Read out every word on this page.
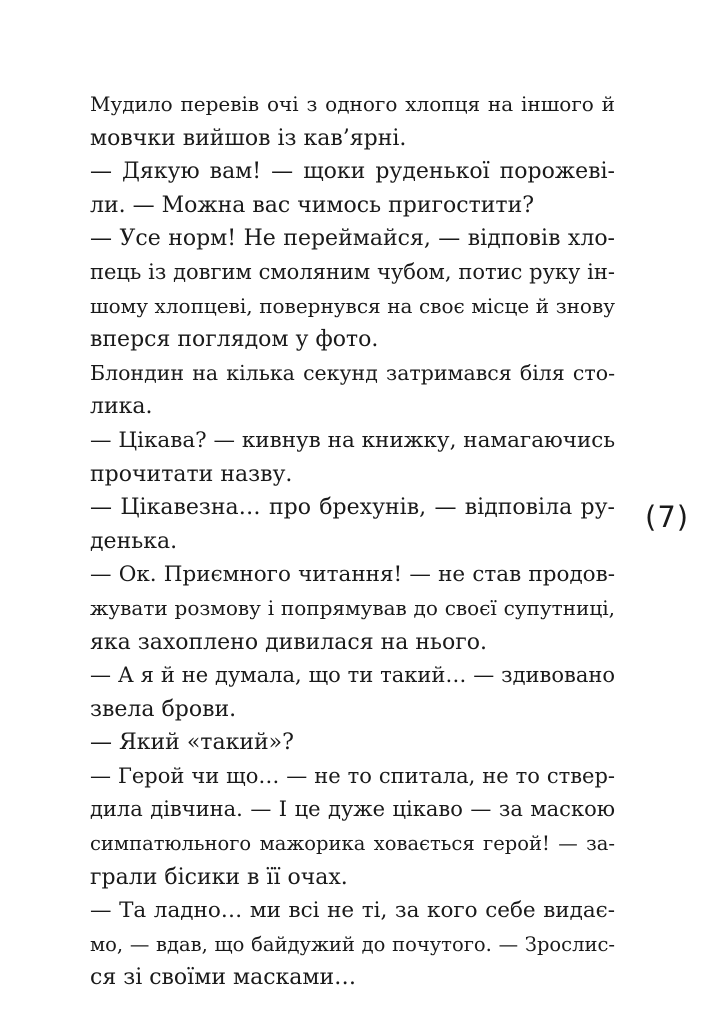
Мудило перевів очі з одного хлопця на іншого й
мовчки вийшов із кав’ярні.
— Дякую вам! — щоки руденької порожеві-
ли. — Можна вас чимось пригостити?
— Усе норм! Не переймайся, — відповів хло-
пець із довгим смоляним чубом, потис руку ін-
шому хлопцеві, повернувся на своє місце й знову
вперся поглядом у фото.
Блондин на кілька секунд затримався біля сто-
лика.
— Цікава? — кивнув на книжку, намагаючись
прочитати назву.
— Цікавезна… про брехунів, — відповіла ру-
денька.
— Ок. Приємного читання! — не став продов-
жувати розмову і попрямував до своєї супутниці,
яка захоплено дивилася на нього.
— А я й не думала, що ти такий… — здивовано
звела брови.
— Який «такий»?
— Герой чи що… — не то спитала, не то ствер-
дила дівчина. — І це дуже цікаво — за маскою
симпатюльного мажорика ховається герой! — за-
грали бісики в її очах.
— Та ладно… ми всі не ті, за кого себе видає-
мо, — вдав, що байдужий до почутого. — Зрослис-
ся зі своїми масками…
(7)
